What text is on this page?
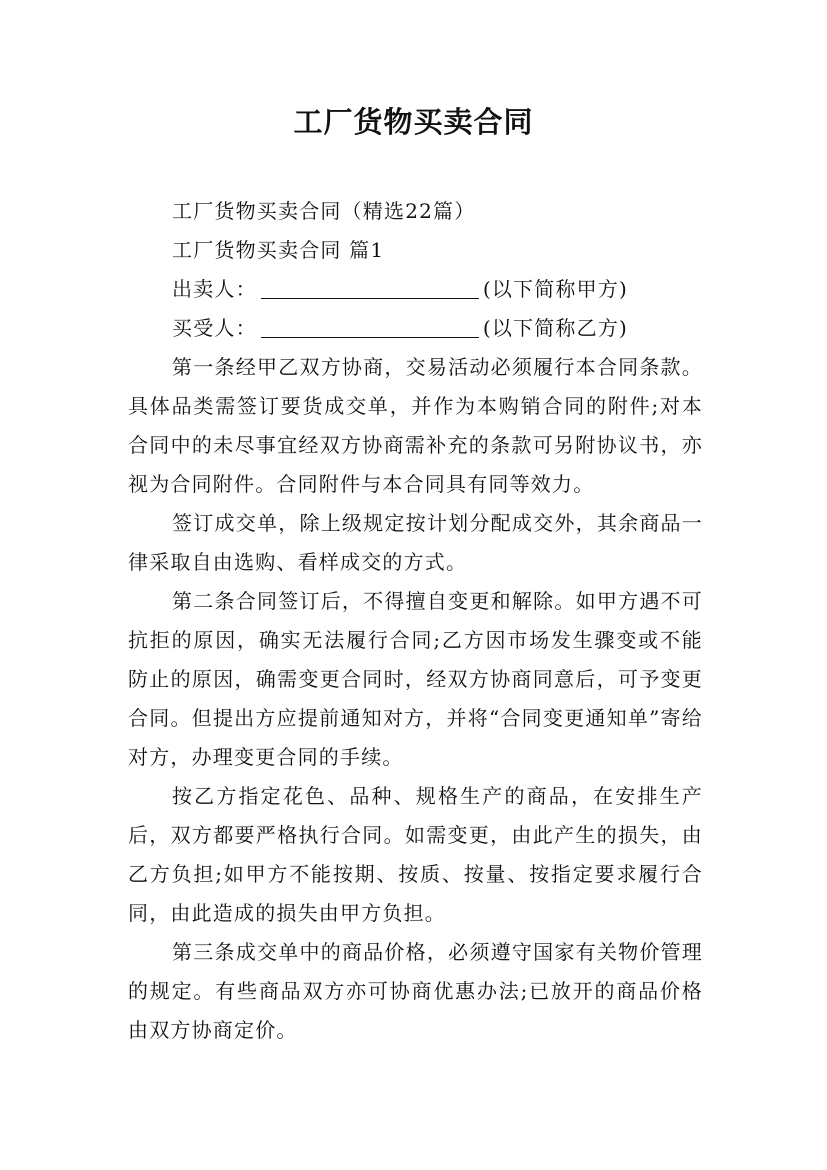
工厂货物买卖合同

工厂货物买卖合同（精选22篇）

工厂货物买卖合同 篇1

出卖人：	(以下简称甲方)

买受人：	(以下简称乙方)

第一条经甲乙双方协商，交易活动必须履行本合同条款。具体品类需签订要货成交单，并作为本购销合同的附件;对本合同中的未尽事宜经双方协商需补充的条款可另附协议书，亦视为合同附件。合同附件与本合同具有同等效力。

签订成交单，除上级规定按计划分配成交外，其余商品一律采取自由选购、看样成交的方式。

第二条合同签订后，不得擅自变更和解除。如甲方遇不可抗拒的原因，确实无法履行合同;乙方因市场发生骤变或不能防止的原因，确需变更合同时，经双方协商同意后，可予变更合同。但提出方应提前通知对方，并将“合同变更通知单”寄给对方，办理变更合同的手续。

按乙方指定花色、品种、规格生产的商品，在安排生产后，双方都要严格执行合同。如需变更，由此产生的损失，由乙方负担;如甲方不能按期、按质、按量、按指定要求履行合同，由此造成的损失由甲方负担。

第三条成交单中的商品价格，必须遵守国家有关物价管理的规定。有些商品双方亦可协商优惠办法;已放开的商品价格由双方协商定价。
